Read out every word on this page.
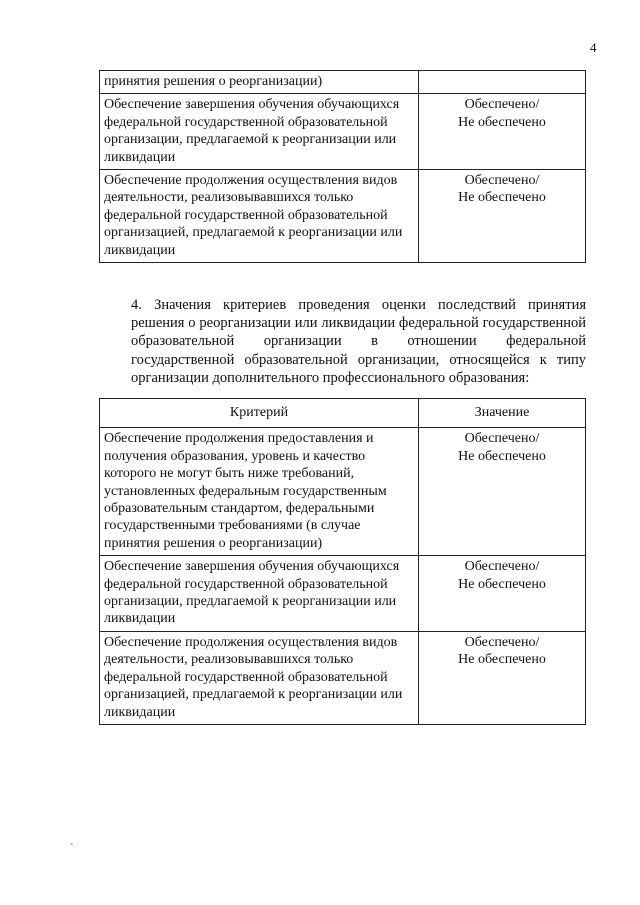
4
принятия решения о реорганизации)	
Обеспечение завершения обучения обучающихся федеральной государственной образовательной организации, предлагаемой к реорганизации или ликвидации	Обеспечено/
Не обеспечено
Обеспечение продолжения осуществления видов деятельности, реализовывавшихся только федеральной государственной образовательной организацией, предлагаемой к реорганизации или ликвидации	Обеспечено/
Не обеспечено
4. Значения критериев проведения оценки последствий принятия решения о реорганизации или ликвидации федеральной государственной образовательной организации в отношении федеральной государственной образовательной организации, относящейся к типу организации дополнительного профессионального образования:
Критерий	Значение
Обеспечение продолжения предоставления и получения образования, уровень и качество которого не могут быть ниже требований, установленных федеральным государственным образовательным стандартом, федеральными государственными требованиями (в случае принятия решения о реорганизации)	Обеспечено/
Не обеспечено
Обеспечение завершения обучения обучающихся федеральной государственной образовательной организации, предлагаемой к реорганизации или ликвидации	Обеспечено/
Не обеспечено
Обеспечение продолжения осуществления видов деятельности, реализовывавшихся только федеральной государственной образовательной организацией, предлагаемой к реорганизации или ликвидации	Обеспечено/
Не обеспечено
`
